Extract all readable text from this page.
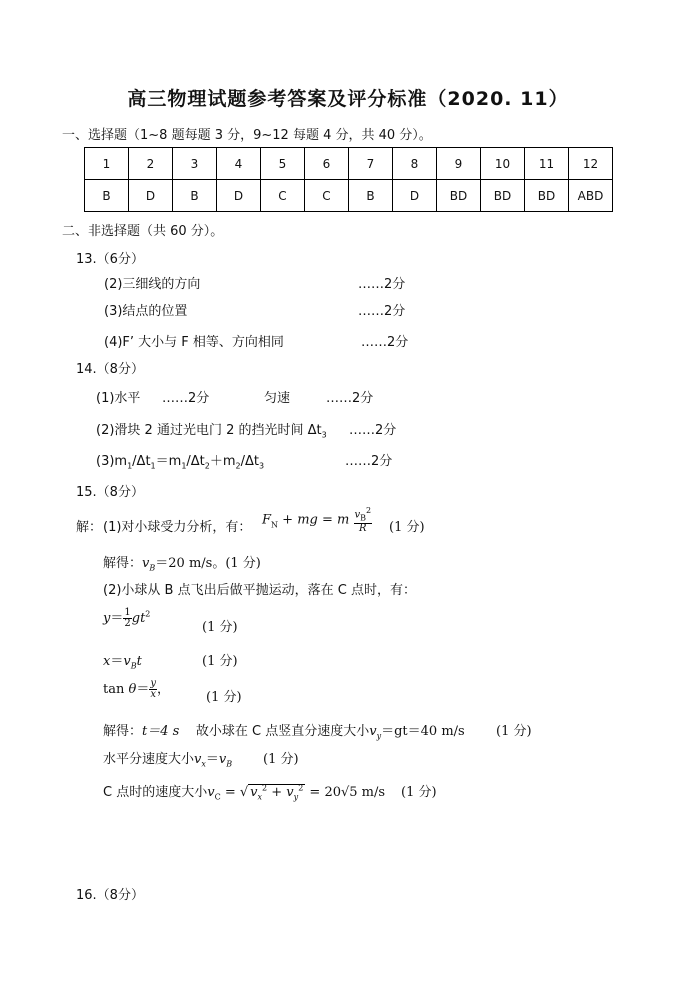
高三物理试题参考答案及评分标准（2020. 11）
一、选择题（1~8 题每题 3 分，9~12 每题 4 分，共 40 分）。
1	2	3	4	5	6	7	8	9	10	11	12
B	D	B	D	C	C	B	D	BD	BD	BD	ABD
二、非选择题（共 60 分）。
13.（6分）
(2)三细线的方向	……2分
(3)结点的位置	……2分
(4)F’ 大小与 F 相等、方向相同	……2分
14.（8分）
(1)水平 ……2分	匀速	……2分
(2)滑块 2 通过光电门 2 的挡光时间 $\Delta t_3$ ……2分
$(3)m_1/\Delta t_1=m_1/\Delta t_2+m_2/\Delta t_3$	……2分
15.（8分）
解： (1)对小球受力分析，有： $F_N$ + mg = m $\frac{v_B^2}{R} (1$ 分)
解得：$v_B=20$ m/s。(1 分)
(2)小球从 B 点飞出后做平抛运动，落在 C 点时，有：
$y= \frac{1}{2} gt^2$
(1 分)
$x=v_Bt$	(1 分)
$\tan \theta= \frac{y}{x}$ ，
(1 分)
解得：t＝4 s 故小球在 C 点竖直分速度大小$v_y=gt=40$ m/s (1 分)
水平分速度大小$v_x=v_B$ (1 分)
C 点时的速度大小$v_C$ = √ $v_x^2 + v_y^2 = 20√5$ m/s (1 分)
16.（8分）
